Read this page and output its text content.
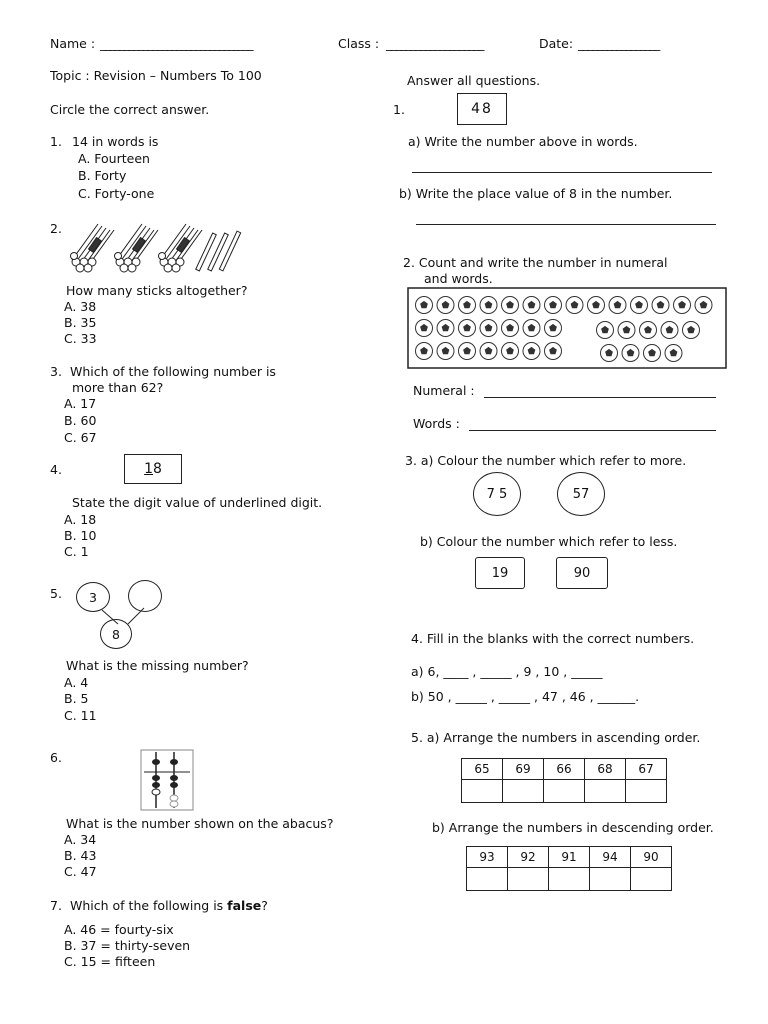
Name : ________________________________	Class : ____________________	Date: _________________
Topic : Revision – Numbers To 100
Circle the correct answer.
1. 14 in words is
A. Fourteen
B. Forty
C. Forty-one
2.
How many sticks altogether?
A. 38
B. 35
C. 33
3. Which of the following number is
more than 62?
A. 17
B. 60
C. 67
4.	1 8
State the digit value of underlined digit.
A. 18
B. 10
C. 1
5.	3
8
What is the missing number?
A. 4
B. 5
C. 11
6.
What is the number shown on the abacus?
A. 34
B. 43
C. 47
7. Which of the following is false?
A. 46 = fourty-six
B. 37 = thirty-seven
C. 15 = fifteen
Answer all questions.
1.	48
a) Write the number above in words.
b) Write the place value of 8 in the number.
2. Count and write the number in numeral
and words.
Numeral :
Words :
3. a) Colour the number which refer to more.
7 5	57
b) Colour the number which refer to less.
19	90
4. Fill in the blanks with the correct numbers.
a) 6, ____ , _____ , 9 , 10 , _____
b) 50 , _____ , _____ , 47 , 46 , ______.
5. a) Arrange the numbers in ascending order.
65	69	66	68	67

b) Arrange the numbers in descending order.
93	92	91	94	90
